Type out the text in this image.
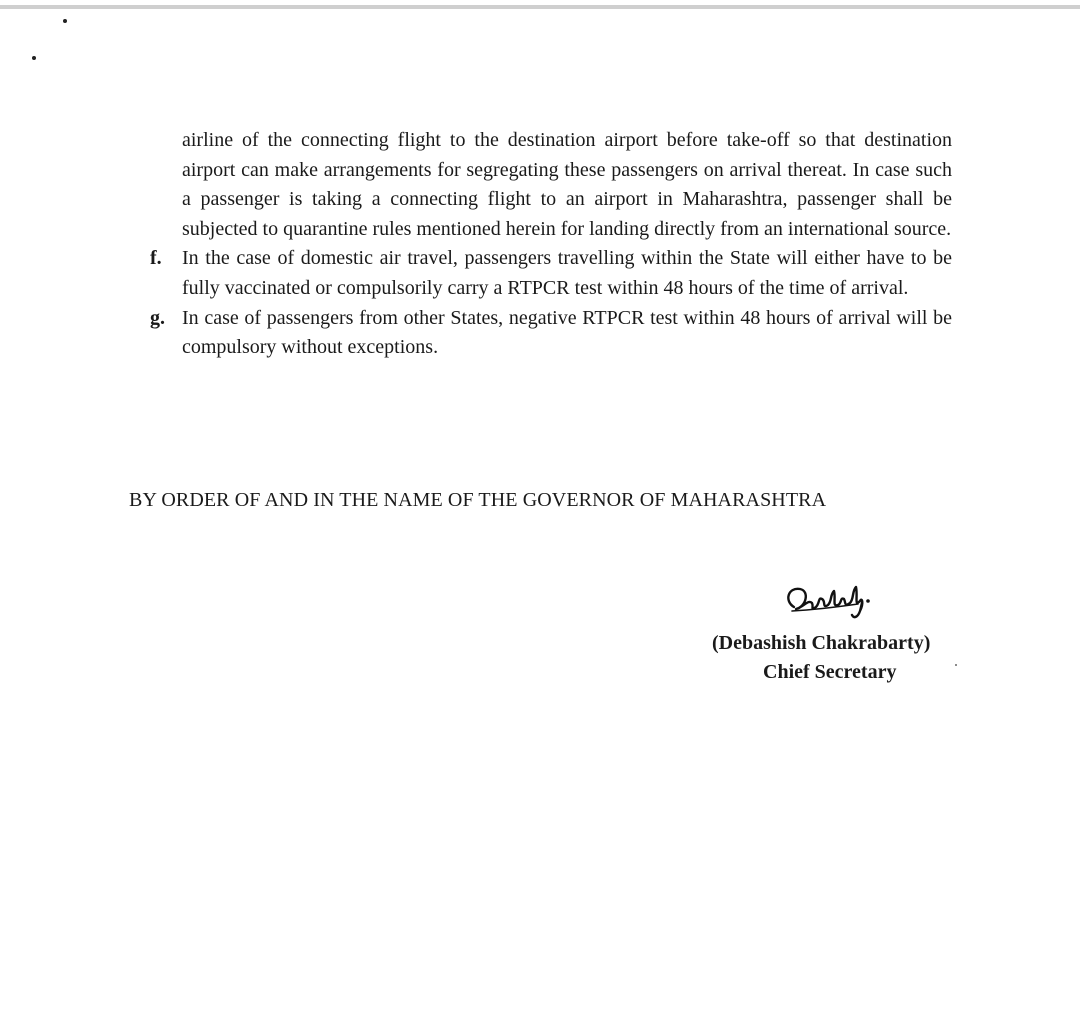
airline of the connecting flight to the destination airport before take-off so that destination airport can make arrangements for segregating these passengers on arrival thereat. In case such a passenger is taking a connecting flight to an airport in Maharashtra, passenger shall be subjected to quarantine rules mentioned herein for landing directly from an international source.

f. In the case of domestic air travel, passengers travelling within the State will either have to be fully vaccinated or compulsorily carry a RTPCR test within 48 hours of the time of arrival.
g. In case of passengers from other States, negative RTPCR test within 48 hours of arrival will be compulsory without exceptions.
BY ORDER OF AND IN THE NAME OF THE GOVERNOR OF MAHARASHTRA
(Debashish Chakrabarty)
Chief Secretary
